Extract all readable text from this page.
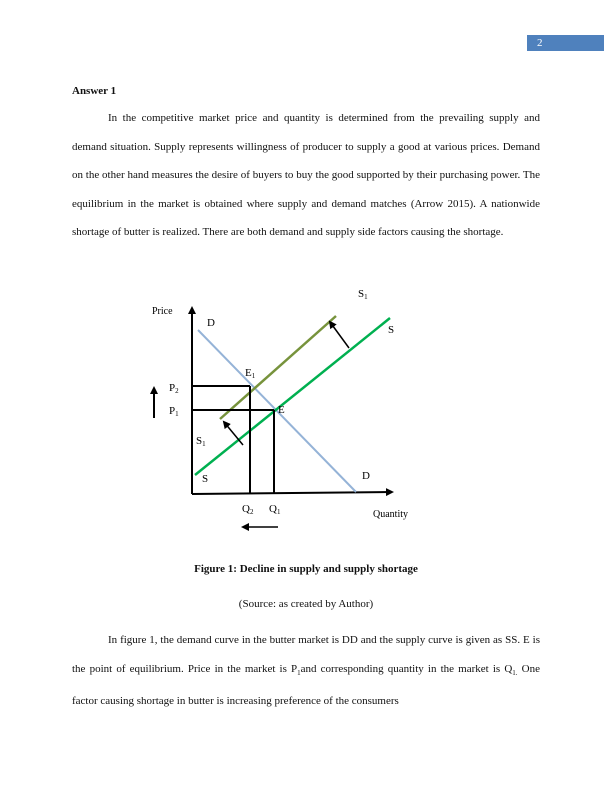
2
Answer 1

In the competitive market price and quantity is determined from the prevailing supply and demand situation. Supply represents willingness of producer to supply a good at various prices. Demand on the other hand measures the desire of buyers to buy the good supported by their purchasing power. The equilibrium in the market is obtained where supply and demand matches (Arrow 2015). A nationwide shortage of butter is realized. There are both demand and supply side factors causing the shortage.

Price
Quantity
D
D
S1
S
S1
S
E1
E
P2
P1
Q2 Q1
Figure 1: Decline in supply and supply shortage
(Source: as created by Author)

In figure 1, the demand curve in the butter market is DD and the supply curve is given as SS. E is the point of equilibrium. Price in the market is $P_1and$ corresponding quantity in the market is $Q_{1.}$ One factor causing shortage in butter is increasing preference of the consumers
